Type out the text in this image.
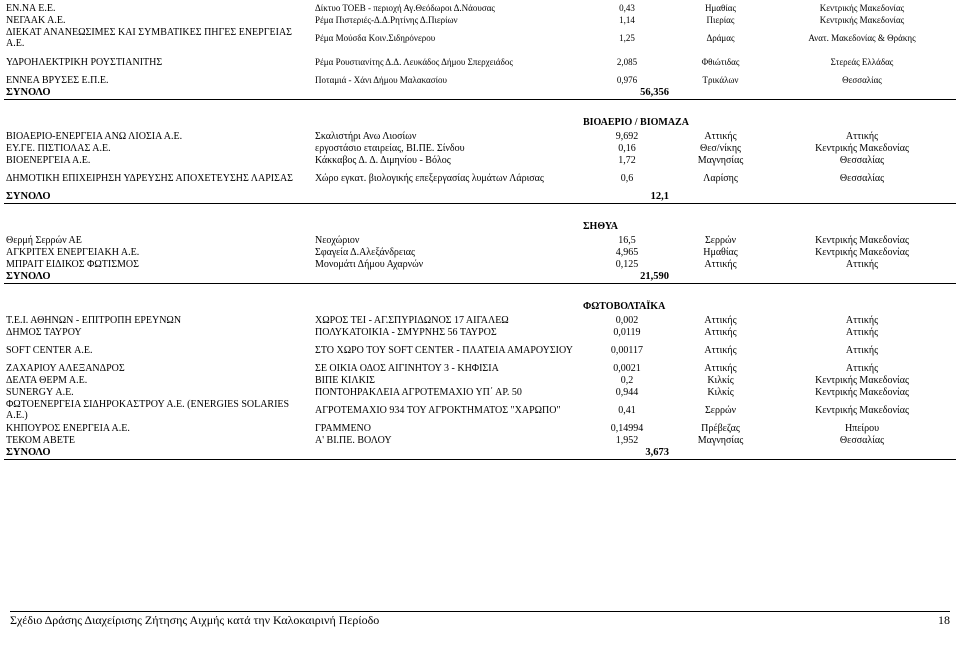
ΕΝ.ΝΑ Ε.Ε.	Δίκτυο ΤΟΕΒ - περιοχή Αγ.Θεόδωροι Δ.Νάουσας	0,43	Ημαθίας	Κεντρικής Μακεδονίας
ΝΕΓΑΑΚ Α.Ε.	Ρέμα Πιστεριές-Δ.Δ.Ρητίνης Δ.Πιερίων	1,14	Πιερίας	Κεντρικής Μακεδονίας
ΔΙΕΚΑΤ ΑΝΑΝΕΩΣΙΜΕΣ ΚΑΙ ΣΥΜΒΑΤΙΚΕΣ ΠΗΓΕΣ ΕΝΕΡΓΕΙΑΣ Α.Ε.	Ρέμα Μούσδα Κοιν.Σιδηρόνερου	1,25	Δράμας	Ανατ. Μακεδονίας & Θράκης
ΥΔΡΟΗΛΕΚΤΡΙΚΗ ΡΟΥΣΤΙΑΝΙΤΗΣ	Ρέμα Ρουστιανίτης Δ.Δ. Λευκάδος Δήμου Σπερχειάδος	2,085	Φθιώτιδας	Στερεάς Ελλάδας
ΕΝΝΕΑ ΒΡΥΣΕΣ Ε.Π.Ε.	Ποταμιά - Χάνι Δήμου Μαλακασίου	0,976	Τρικάλων	Θεσσαλίας
ΣΥΝΟΛΟ		56,356		
		ΒΙΟΑΕΡΙΟ / ΒΙΟΜΑΖΑ		
ΒΙΟΑΕΡΙΟ-ΕΝΕΡΓΕΙΑ ΑΝΩ ΛΙΟΣΙΑ Α.Ε.	Σκαλιστήρι Ανω Λιοσίων	9,692	Αττικής	Αττικής
ΕΥ.ΓΕ. ΠΙΣΤΙΟΛΑΣ Α.Ε.	εργοστάσιο εταιρείας, ΒΙ.ΠΕ. Σίνδου	0,16	Θεσ/νίκης	Κεντρικής Μακεδονίας
ΒΙΟΕΝΕΡΓΕΙΑ Α.Ε.	Κάκκαβος Δ. Δ. Διμηνίου - Βόλος	1,72	Μαγνησίας	Θεσσαλίας
ΔΗΜΟΤΙΚΗ ΕΠΙΧΕΙΡΗΣΗ ΥΔΡΕΥΣΗΣ ΑΠΟΧΕΤΕΥΣΗΣ ΛΑΡΙΣΑΣ	Χώρο εγκατ. βιολογικής επεξεργασίας λυμάτων Λάρισας	0,6	Λαρίσης	Θεσσαλίας
ΣΥΝΟΛΟ		12,1		
		ΣΗΘΥΑ		
Θερμή Σερρών ΑΕ	Νεοχώριον	16,5	Σερρών	Κεντρικής Μακεδονίας
ΑΓΚΡΙΤΕΧ ΕΝΕΡΓΕΙΑΚΗ Α.Ε.	Σφαγεία Δ.Αλεξάνδρειας	4,965	Ημαθίας	Κεντρικής Μακεδονίας
ΜΠΡΑΙΤ ΕΙΔΙΚΟΣ ΦΩΤΙΣΜΟΣ	Μονομάτι Δήμου Αχαρνών	0,125	Αττικής	Αττικής
ΣΥΝΟΛΟ		21,590		
		ΦΩΤΟΒΟΛΤΑΪΚΑ		
Τ.Ε.Ι. ΑΘΗΝΩΝ - ΕΠΙΤΡΟΠΗ ΕΡΕΥΝΩΝ	ΧΩΡΟΣ ΤΕΙ - ΑΓ.ΣΠΥΡΙΔΩΝΟΣ 17 ΑΙΓΑΛΕΩ	0,002	Αττικής	Αττικής
ΔΗΜΟΣ ΤΑΥΡΟΥ	ΠΟΛΥΚΑΤΟΙΚΙΑ - ΣΜΥΡΝΗΣ 56 ΤΑΥΡΟΣ	0,0119	Αττικής	Αττικής
SOFT CENTER Α.Ε.	ΣΤΟ ΧΩΡΟ ΤΟΥ SOFT CENTER - ΠΛΑΤΕΙΑ ΑΜΑΡΟΥΣΙΟΥ	0,00117	Αττικής	Αττικής
ΖΑΧΑΡΙΟΥ ΑΛΕΞΑΝΔΡΟΣ	ΣΕ ΟΙΚΙΑ ΟΔΟΣ ΑΙΓΙΝΗΤΟΥ 3 - ΚΗΦΙΣΙΑ	0,0021	Αττικής	Αττικής
ΔΕΛΤΑ ΘΕΡΜ Α.Ε.	ΒΙΠΕ ΚΙΛΚΙΣ	0,2	Κιλκίς	Κεντρικής Μακεδονίας
SUNERGY Α.Ε.	ΠΟΝΤΟΗΡΑΚΛΕΙΑ ΑΓΡΟΤΕΜΑΧΙΟ ΥΠ΄ ΑΡ. 50	0,944	Κιλκίς	Κεντρικής Μακεδονίας
ΦΩΤΟΕΝΕΡΓΕΙΑ ΣΙΔΗΡΟΚΑΣΤΡΟΥ Α.Ε. (ENERGIES SOLARIES Α.Ε.)	ΑΓΡΟΤΕΜΑΧΙΟ 934 ΤΟΥ ΑΓΡΟΚΤΗΜΑΤΟΣ "ΧΑΡΩΠΟ"	0,41	Σερρών	Κεντρικής Μακεδονίας
ΚΗΠΟΥΡΟΣ ΕΝΕΡΓΕΙΑ Α.Ε.	ΓΡΑΜΜΕΝΟ	0,14994	Πρέβεζας	Ηπείρου
ΤΕΚΟΜ ΑΒΕΤΕ	Α' ΒΙ.ΠΕ. ΒΟΛΟΥ	1,952	Μαγνησίας	Θεσσαλίας
ΣΥΝΟΛΟ		3,673		
Σχέδιο Δράσης Διαχείρισης Ζήτησης Αιχμής κατά την Καλοκαιρινή Περίοδο	18
